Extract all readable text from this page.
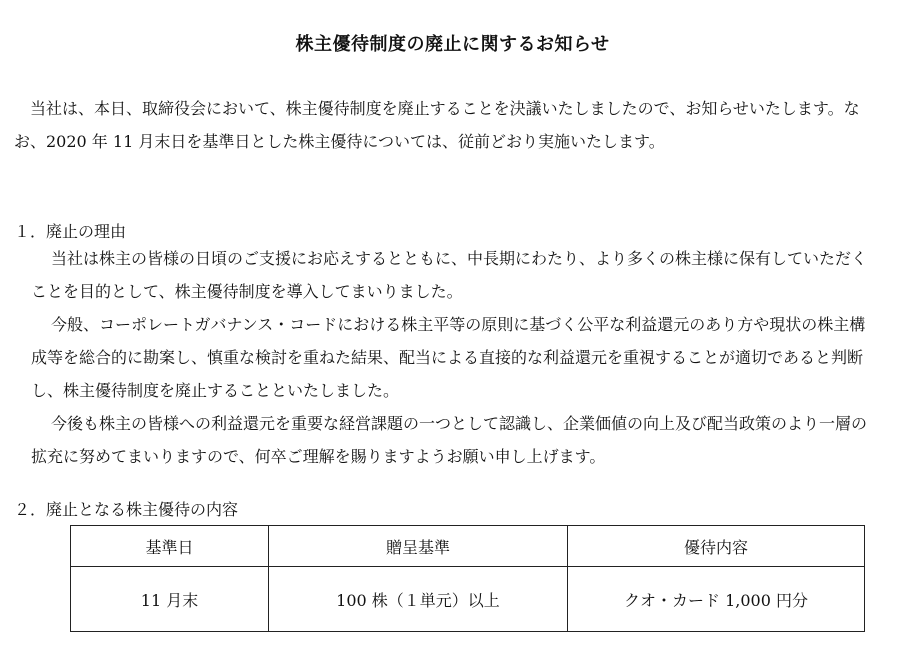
株主優待制度の廃止に関するお知らせ

当社は、本日、取締役会において、株主優待制度を廃止することを決議いたしましたので、お知らせいたします。なお、2020 年 11 月末日を基準日とした株主優待については、従前どおり実施いたします。

１．廃止の理由

当社は株主の皆様の日頃のご支援にお応えするとともに、中長期にわたり、より多くの株主様に保有していただくことを目的として、株主優待制度を導入してまいりました。

今般、コーポレートガバナンス・コードにおける株主平等の原則に基づく公平な利益還元のあり方や現状の株主構成等を総合的に勘案し、慎重な検討を重ねた結果、配当による直接的な利益還元を重視することが適切であると判断し、株主優待制度を廃止することといたしました。

今後も株主の皆様への利益還元を重要な経営課題の一つとして認識し、企業価値の向上及び配当政策のより一層の拡充に努めてまいりますので、何卒ご理解を賜りますようお願い申し上げます。

２．廃止となる株主優待の内容

基準日	贈呈基準	優待内容
11 月末	100 株（１単元）以上	クオ・カード 1,000 円分
